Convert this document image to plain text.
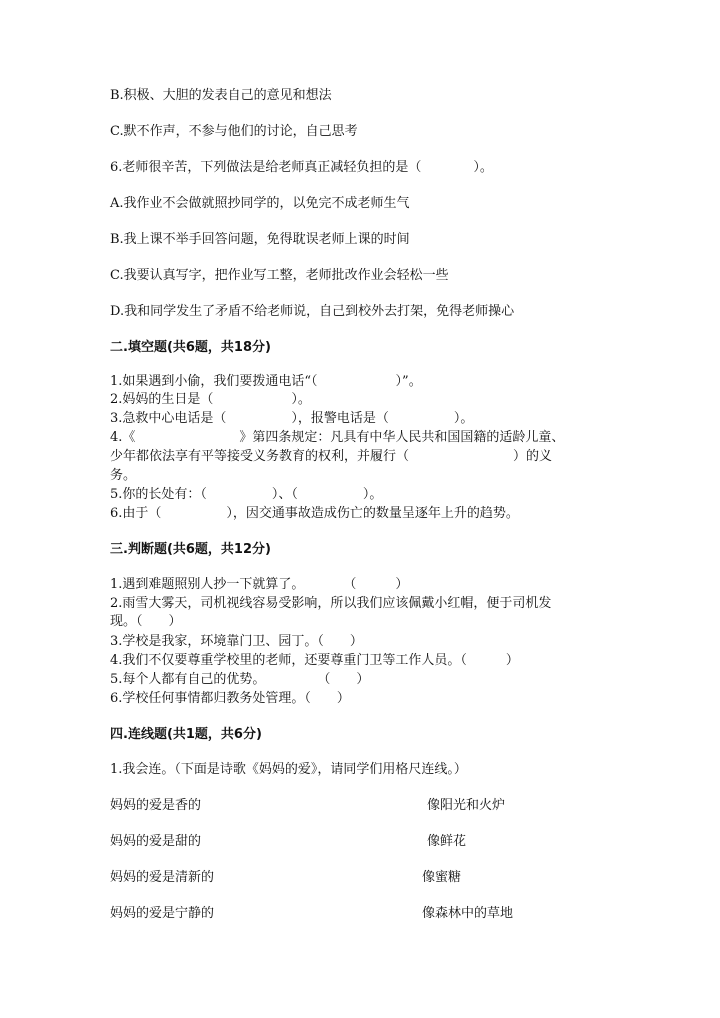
B.积极、大胆的发表自己的意见和想法
C.默不作声，不参与他们的讨论，自己思考
6.老师很辛苦，下列做法是给老师真正减轻负担的是（　　　　）。
A.我作业不会做就照抄同学的，以免完不成老师生气
B.我上课不举手回答问题，免得耽误老师上课的时间
C.我要认真写字，把作业写工整，老师批改作业会轻松一些
D.我和同学发生了矛盾不给老师说，自己到校外去打架，免得老师操心
二.填空题(共6题，共18分)
1.如果遇到小偷，我们要拨通电话“（　　　　　　）”。
2.妈妈的生日是（　　　　　　）。
3.急救中心电话是（　　　　　），报警电话是（　　　　　）。
4.《　　　　　　　　》第四条规定：凡具有中华人民共和国国籍的适龄儿童、
少年都依法享有平等接受义务教育的权利，并履行（　　　　　　　　）的义
务。
5.你的长处有：（　　　　　）、（　　　　　）。
6.由于（　　　　　），因交通事故造成伤亡的数量呈逐年上升的趋势。
三.判断题(共6题，共12分)
1.遇到难题照别人抄一下就算了。　　　　（　　　）
2.雨雪大雾天，司机视线容易受影响，所以我们应该佩戴小红帽，便于司机发
现。（　　）
3.学校是我家，环境靠门卫、园丁。（　　）
4.我们不仅要尊重学校里的老师，还要尊重门卫等工作人员。（　　　）
5.每个人都有自己的优势。　　　　　（　　）
6.学校任何事情都归教务处管理。（　　）
四.连线题(共1题，共6分)
1.我会连。（下面是诗歌《妈妈的爱》，请同学们用格尺连线。）
妈妈的爱是香的	像阳光和火炉
妈妈的爱是甜的	像鲜花
妈妈的爱是清新的	像蜜糖
妈妈的爱是宁静的	像森林中的草地
